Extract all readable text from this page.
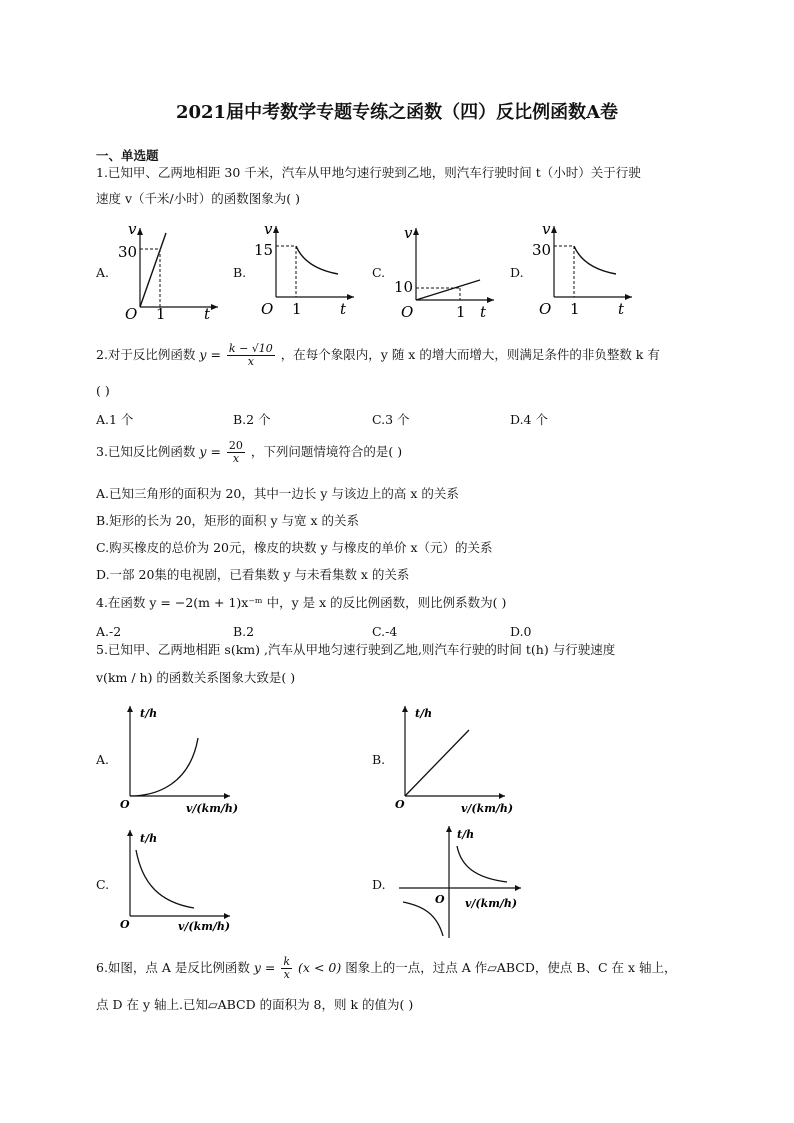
2021届中考数学专题专练之函数（四）反比例函数A卷
一、单选题
1.已知甲、乙两地相距 30 千米，汽车从甲地匀速行驶到乙地，则汽车行驶时间 t（小时）关于行驶
速度 v（千米/小时）的函数图象为( )
A.
v
30
O 1	t
B.
v
15
O 1	t
C.
v
10
O	1 t
D.
v
30
O 1	t
2.对于反比例函数 $y = \frac{k - √10}{x}$ ，在每个象限内，y 随 x 的增大而增大，则满足条件的非负整数 k 有
( )
A.1 个	B.2 个	C.3 个	D.4 个
3.已知反比例函数 $y = \frac{20}{x}$ ，下列问题情境符合的是( )
A.已知三角形的面积为 20，其中一边长 y 与该边上的高 x 的关系
B.矩形的长为 20，矩形的面积 y 与宽 x 的关系
C.购买橡皮的总价为 20元，橡皮的块数 y 与橡皮的单价 x（元）的关系
D.一部 20集的电视剧，已看集数 y 与未看集数 x 的关系
4.在函数 y = −2(m + 1)x⁻ᵐ 中，y 是 x 的反比例函数，则比例系数为( )
A.-2	B.2	C.-4	D.0
5.已知甲、乙两地相距 s(km) ,汽车从甲地匀速行驶到乙地,则汽车行驶的时间 t(h) 与行驶速度
v(km / h) 的函数关系图象大致是( )
A.
t/h
O	v/(km/h)
B.
t/h
O	v/(km/h)
C.
t/h
O	v/(km/h)
D.
t/h
O v/(km/h)
6.如图，点 A 是反比例函数 $y = \frac{k}{x} (x < 0)$ 图象上的一点，过点 A 作▱ABCD，使点 B、C 在 x 轴上，
点 D 在 y 轴上.已知▱ABCD 的面积为 8，则 k 的值为( )
